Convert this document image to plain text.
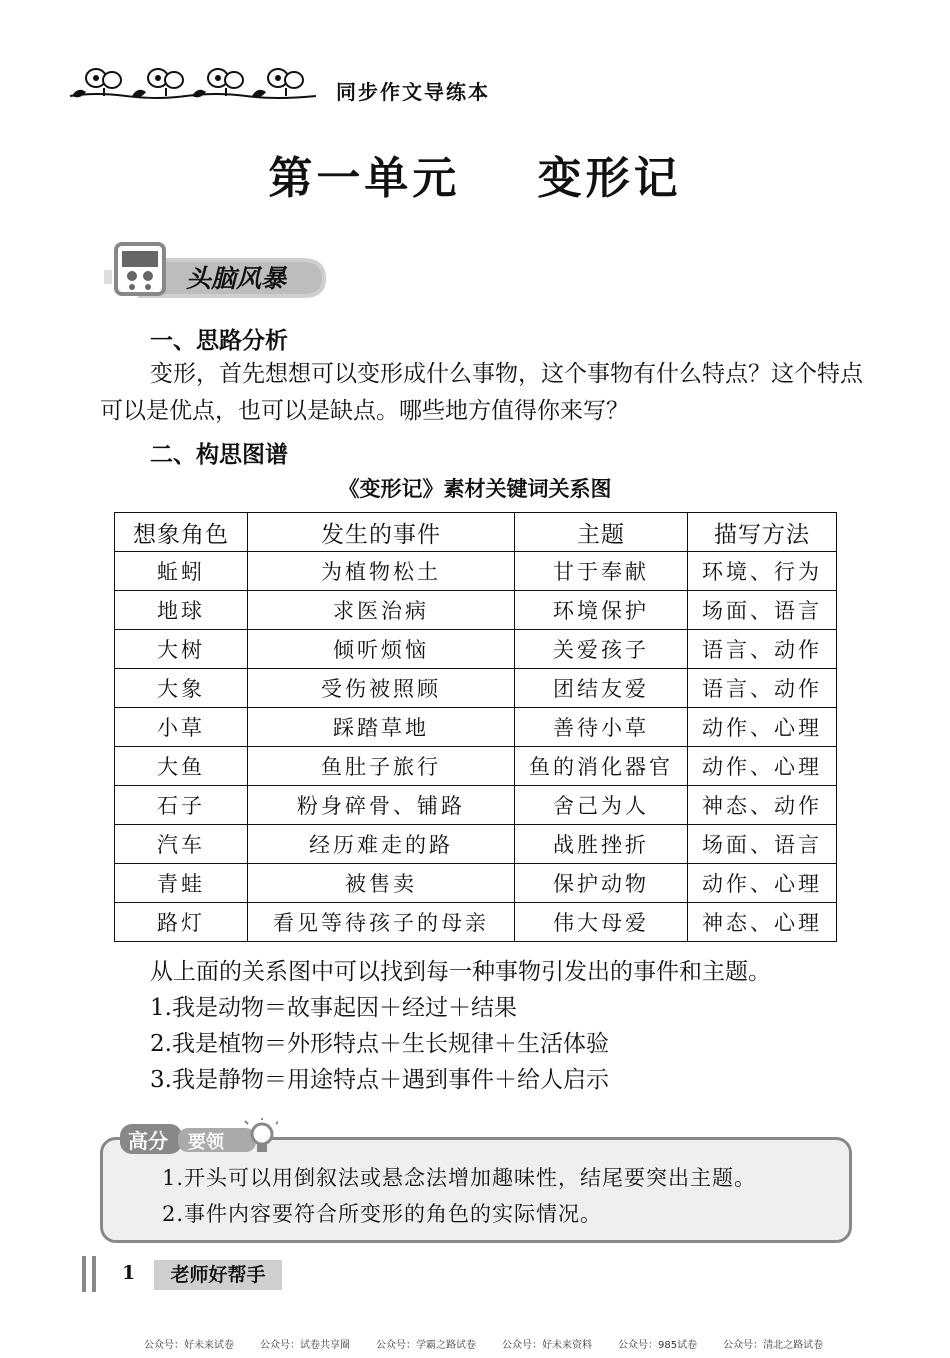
同步作文导练本
第一单元    变形记
头脑风暴
一、思路分析
变形，首先想想可以变形成什么事物，这个事物有什么特点？这个特点可以是优点，也可以是缺点。哪些地方值得你来写？
二、构思图谱
《变形记》素材关键词关系图
想象角色	发生的事件	主题	描写方法
蚯蚓	为植物松土	甘于奉献	环境、行为
地球	求医治病	环境保护	场面、语言
大树	倾听烦恼	关爱孩子	语言、动作
大象	受伤被照顾	团结友爱	语言、动作
小草	踩踏草地	善待小草	动作、心理
大鱼	鱼肚子旅行	鱼的消化器官	动作、心理
石子	粉身碎骨、铺路	舍己为人	神态、动作
汽车	经历难走的路	战胜挫折	场面、语言
青蛙	被售卖	保护动物	动作、心理
路灯	看见等待孩子的母亲	伟大母爱	神态、心理
从上面的关系图中可以找到每一种事物引发出的事件和主题。
1.我是动物＝故事起因＋经过＋结果
2.我是植物＝外形特点＋生长规律＋生活体验
3.我是静物＝用途特点＋遇到事件＋给人启示
高分 要领
1.开头可以用倒叙法或悬念法增加趣味性，结尾要突出主题。
2.事件内容要符合所变形的角色的实际情况。
1	老师好帮手
公众号：好未来试卷	公众号：试卷共享圈	公众号：学霸之路试卷	公众号：好未来资料	公众号：985试卷	公众号：清北之路试卷
